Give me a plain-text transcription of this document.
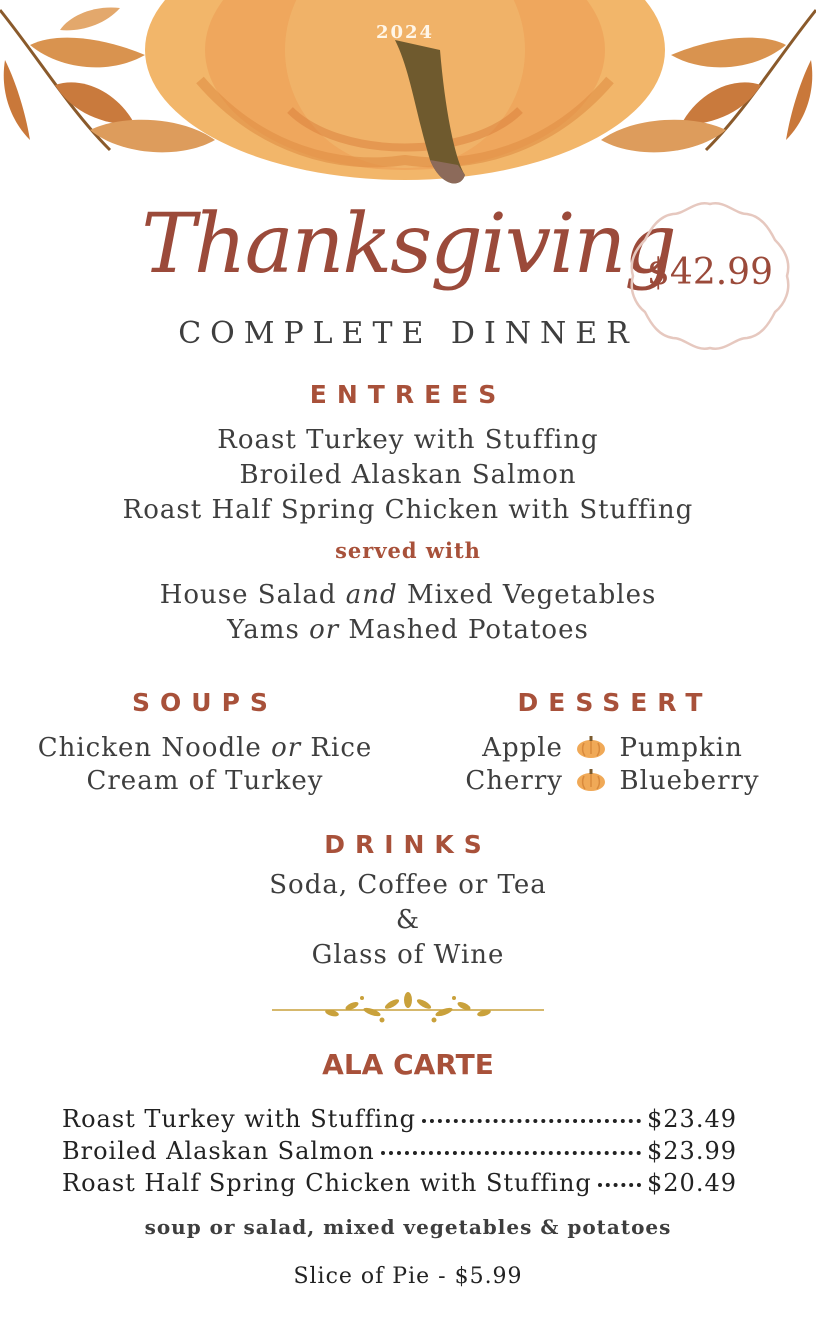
2024
Thanksgiving
COMPLETE DINNER
$42.99
ENTREES
Roast Turkey with Stuffing
Broiled Alaskan Salmon
Roast Half Spring Chicken with Stuffing
served with
House Salad and Mixed Vegetables
Yams or Mashed Potatoes
SOUPS
Chicken Noodle or Rice
Cream of Turkey
DESSERT
Apple Pumpkin
Cherry Blueberry
DRINKS
Soda, Coffee or Tea
&
Glass of Wine
ALA CARTE
Roast Turkey with Stuffing	$23.49
Broiled Alaskan Salmon	$23.99
Roast Half Spring Chicken with Stuffing $20.49
soup or salad, mixed vegetables & potatoes
Slice of Pie - $5.99
